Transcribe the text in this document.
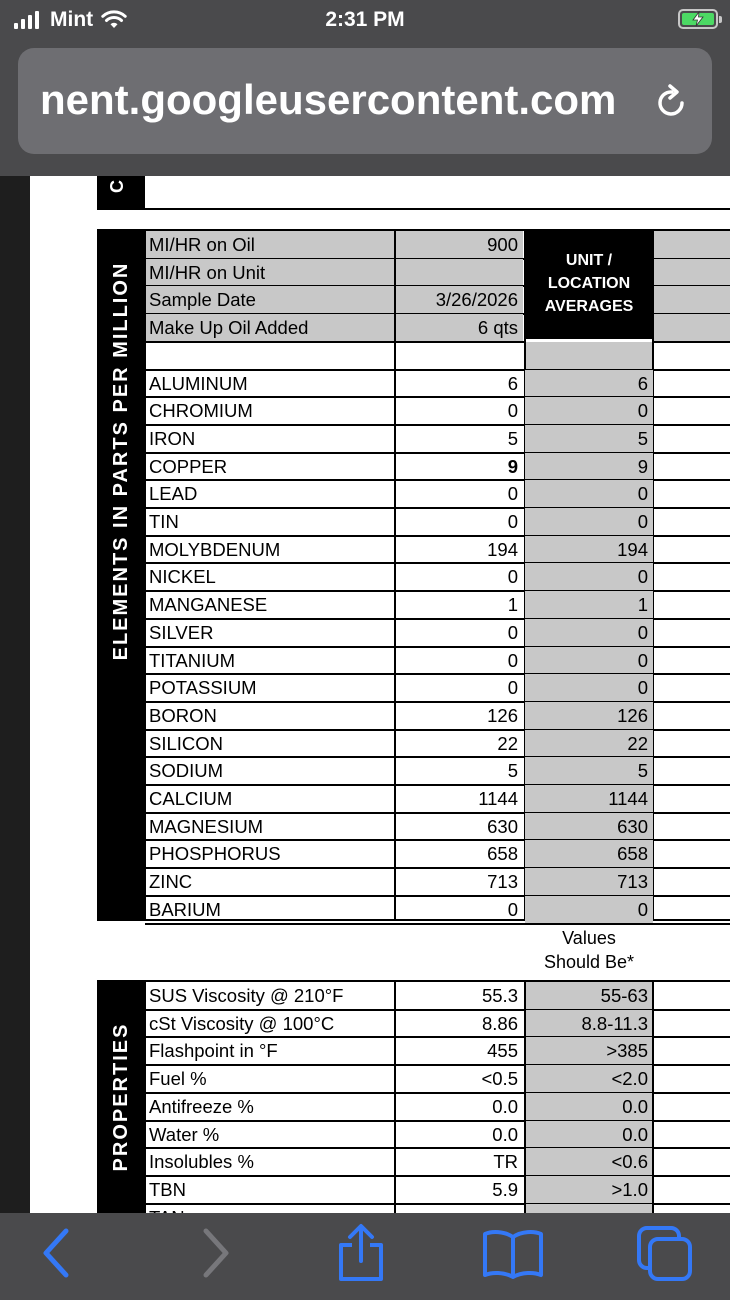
Mint	2:31 PM
nent.googleusercontent.com
C
ELEMENTS IN PARTS PER MILLION
UNIT /
LOCATION
AVERAGES
MI/HR on Oil	900
MI/HR on Unit
Sample Date	3/26/2026
Make Up Oil Added	6 qts
ALUMINUM	6	6
CHROMIUM	0	0
IRON	5	5
COPPER	9	9
LEAD	0	0
TIN	0	0
MOLYBDENUM	194	194
NICKEL	0	0
MANGANESE	1	1
SILVER	0	0
TITANIUM	0	0
POTASSIUM	0	0
BORON	126	126
SILICON	22	22
SODIUM	5	5
CALCIUM	1144	1144
MAGNESIUM	630	630
PHOSPHORUS	658	658
ZINC	713	713
BARIUM	0	0
Values
Should Be*
PROPERTIES
SUS Viscosity @ 210°F	55.3	55-63
cSt Viscosity @ 100°C	8.86	8.8-11.3
Flashpoint in °F	455	>385
Fuel %	<0.5	<2.0
Antifreeze %	0.0	0.0
Water %	0.0	0.0
Insolubles %	TR	<0.6
TBN	5.9	>1.0
